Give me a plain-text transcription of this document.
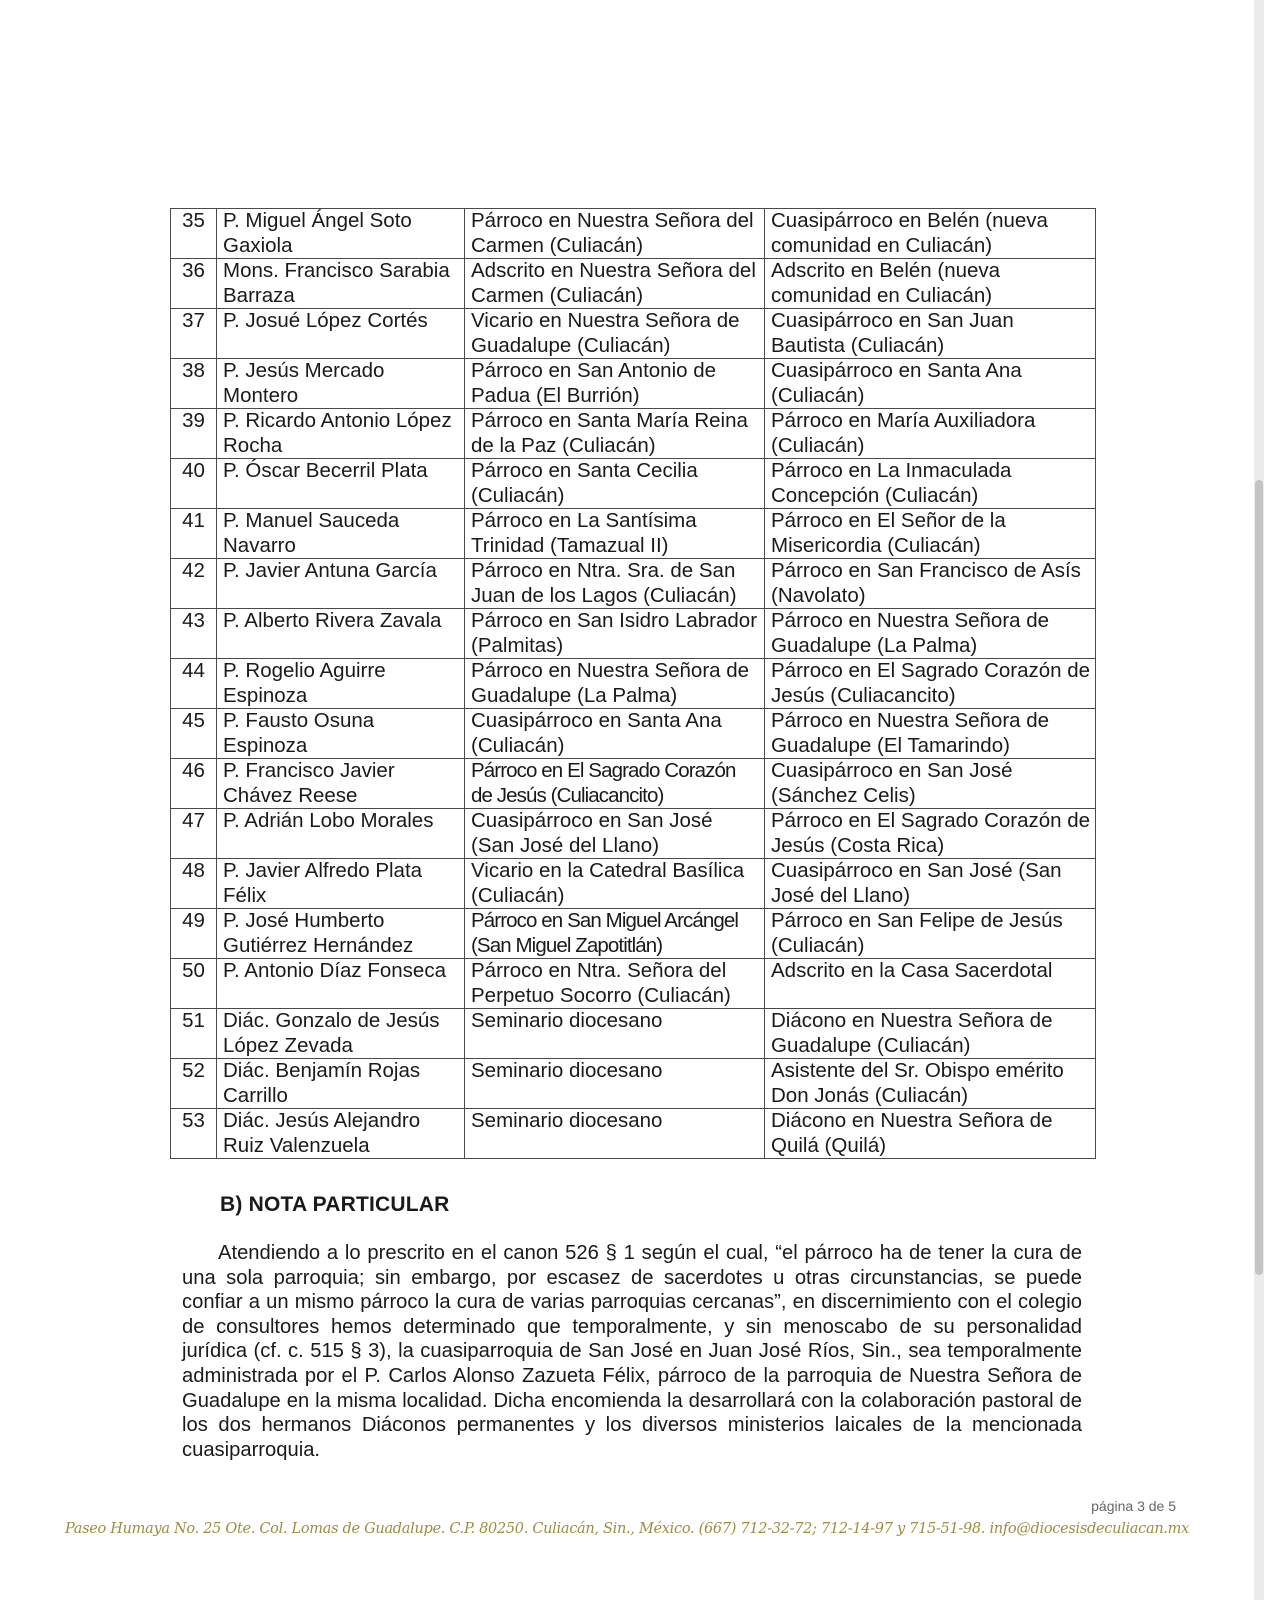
35	P. Miguel Ángel Soto Gaxiola	Párroco en Nuestra Señora del Carmen (Culiacán)	Cuasipárroco en Belén (nueva comunidad en Culiacán)
36	Mons. Francisco Sarabia Barraza	Adscrito en Nuestra Señora del Carmen (Culiacán)	Adscrito en Belén (nueva comunidad en Culiacán)
37	P. Josué López Cortés	Vicario en Nuestra Señora de Guadalupe (Culiacán)	Cuasipárroco en San Juan Bautista (Culiacán)
38	P. Jesús Mercado Montero	Párroco en San Antonio de Padua (El Burrión)	Cuasipárroco en Santa Ana (Culiacán)
39	P. Ricardo Antonio López Rocha	Párroco en Santa María Reina de la Paz (Culiacán)	Párroco en María Auxiliadora (Culiacán)
40	P. Óscar Becerril Plata	Párroco en Santa Cecilia (Culiacán)	Párroco en La Inmaculada Concepción (Culiacán)
41	P. Manuel Sauceda Navarro	Párroco en La Santísima Trinidad (Tamazual II)	Párroco en El Señor de la Misericordia (Culiacán)
42	P. Javier Antuna García	Párroco en Ntra. Sra. de San Juan de los Lagos (Culiacán)	Párroco en San Francisco de Asís (Navolato)
43	P. Alberto Rivera Zavala	Párroco en San Isidro Labrador (Palmitas)	Párroco en Nuestra Señora de Guadalupe (La Palma)
44	P. Rogelio Aguirre Espinoza	Párroco en Nuestra Señora de Guadalupe (La Palma)	Párroco en El Sagrado Corazón de Jesús (Culiacancito)
45	P. Fausto Osuna Espinoza	Cuasipárroco en Santa Ana (Culiacán)	Párroco en Nuestra Señora de Guadalupe (El Tamarindo)
46	P. Francisco Javier Chávez Reese	Párroco en El Sagrado Corazón de Jesús (Culiacancito)	Cuasipárroco en San José (Sánchez Celis)
47	P. Adrián Lobo Morales	Cuasipárroco en San José (San José del Llano)	Párroco en El Sagrado Corazón de Jesús (Costa Rica)
48	P. Javier Alfredo Plata Félix	Vicario en la Catedral Basílica (Culiacán)	Cuasipárroco en San José (San José del Llano)
49	P. José Humberto Gutiérrez Hernández	Párroco en San Miguel Arcángel (San Miguel Zapotitlán)	Párroco en San Felipe de Jesús (Culiacán)
50	P. Antonio Díaz Fonseca	Párroco en Ntra. Señora del Perpetuo Socorro (Culiacán)	Adscrito en la Casa Sacerdotal
51	Diác. Gonzalo de Jesús López Zevada	Seminario diocesano	Diácono en Nuestra Señora de Guadalupe (Culiacán)
52	Diác. Benjamín Rojas Carrillo	Seminario diocesano	Asistente del Sr. Obispo emérito Don Jonás (Culiacán)
53	Diác. Jesús Alejandro Ruiz Valenzuela	Seminario diocesano	Diácono en Nuestra Señora de Quilá (Quilá)
B) NOTA PARTICULAR

Atendiendo a lo prescrito en el canon 526 § 1 según el cual, “el párroco ha de tener la cura de una sola parroquia; sin embargo, por escasez de sacerdotes u otras circunstancias, se puede confiar a un mismo párroco la cura de varias parroquias cercanas”, en discernimiento con el colegio de consultores hemos determinado que temporalmente, y sin menoscabo de su personalidad jurídica (cf. c. 515 § 3), la cuasiparroquia de San José en Juan José Ríos, Sin., sea temporalmente administrada por el P. Carlos Alonso Zazueta Félix, párroco de la parroquia de Nuestra Señora de Guadalupe en la misma localidad. Dicha encomienda la desarrollará con la colaboración pastoral de los dos hermanos Diáconos permanentes y los diversos ministerios laicales de la mencionada cuasiparroquia.

página 3 de 5
Paseo Humaya No. 25 Ote. Col. Lomas de Guadalupe. C.P. 80250. Culiacán, Sin., México. (667) 712-32-72; 712-14-97 y 715-51-98. info@diocesisdeculiacan.mx
